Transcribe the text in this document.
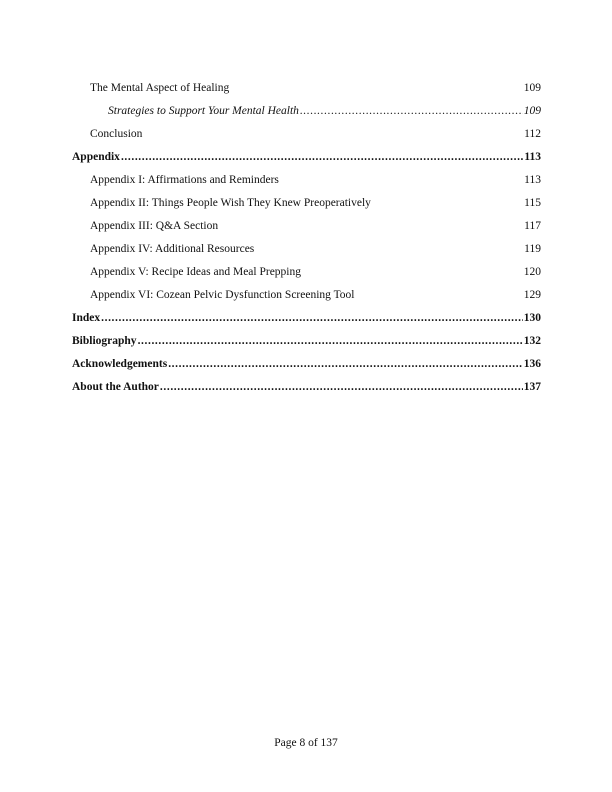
The Mental Aspect of Healing	109
Strategies to Support Your Mental Health .....	109
Conclusion	112
Appendix .....	113
Appendix I: Affirmations and Reminders	113
Appendix II: Things People Wish They Knew Preoperatively	115
Appendix III: Q&A Section	117
Appendix IV: Additional Resources	119
Appendix V: Recipe Ideas and Meal Prepping	120
Appendix VI: Cozean Pelvic Dysfunction Screening Tool	129
Index .....	130
Bibliography .....	132
Acknowledgements .....	136
About the Author .....	137
Page 8 of 137
